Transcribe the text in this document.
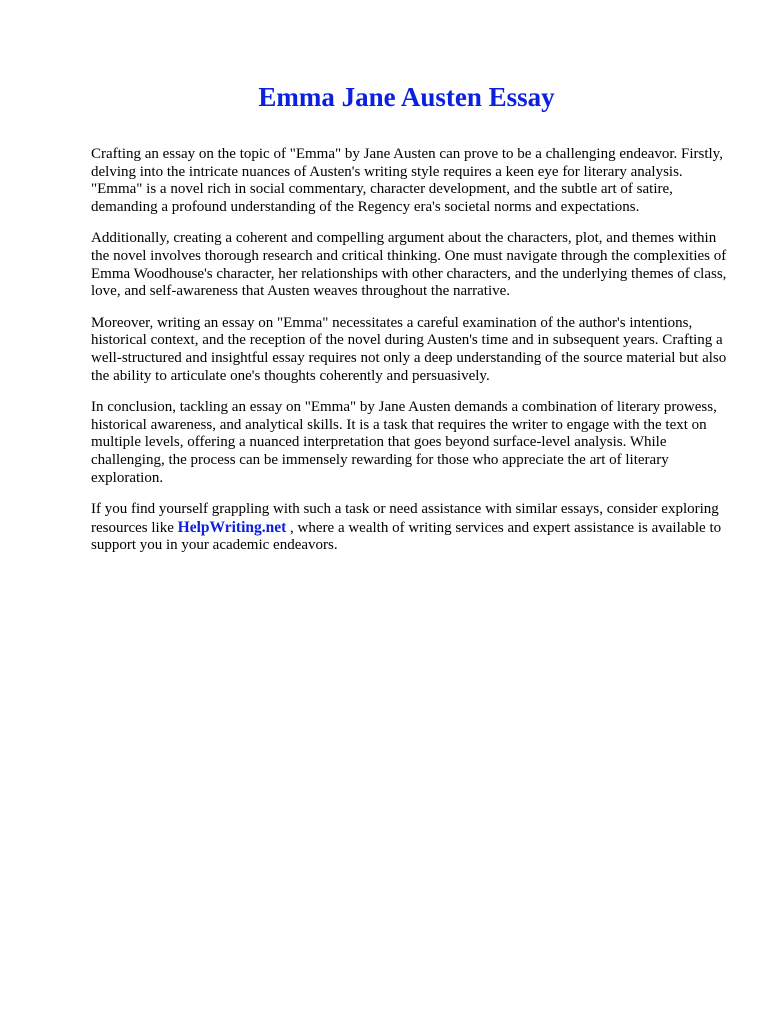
Emma Jane Austen Essay

Crafting an essay on the topic of "Emma" by Jane Austen can prove to be a challenging endeavor. Firstly, delving into the intricate nuances of Austen's writing style requires a keen eye for literary analysis. "Emma" is a novel rich in social commentary, character development, and the subtle art of satire, demanding a profound understanding of the Regency era's societal norms and expectations.

Additionally, creating a coherent and compelling argument about the characters, plot, and themes within the novel involves thorough research and critical thinking. One must navigate through the complexities of Emma Woodhouse's character, her relationships with other characters, and the underlying themes of class, love, and self-awareness that Austen weaves throughout the narrative.

Moreover, writing an essay on "Emma" necessitates a careful examination of the author's intentions, historical context, and the reception of the novel during Austen's time and in subsequent years. Crafting a well-structured and insightful essay requires not only a deep understanding of the source material but also the ability to articulate one's thoughts coherently and persuasively.

In conclusion, tackling an essay on "Emma" by Jane Austen demands a combination of literary prowess, historical awareness, and analytical skills. It is a task that requires the writer to engage with the text on multiple levels, offering a nuanced interpretation that goes beyond surface-level analysis. While challenging, the process can be immensely rewarding for those who appreciate the art of literary exploration.

If you find yourself grappling with such a task or need assistance with similar essays, consider exploring resources like HelpWriting.net , where a wealth of writing services and expert assistance is available to support you in your academic endeavors.
